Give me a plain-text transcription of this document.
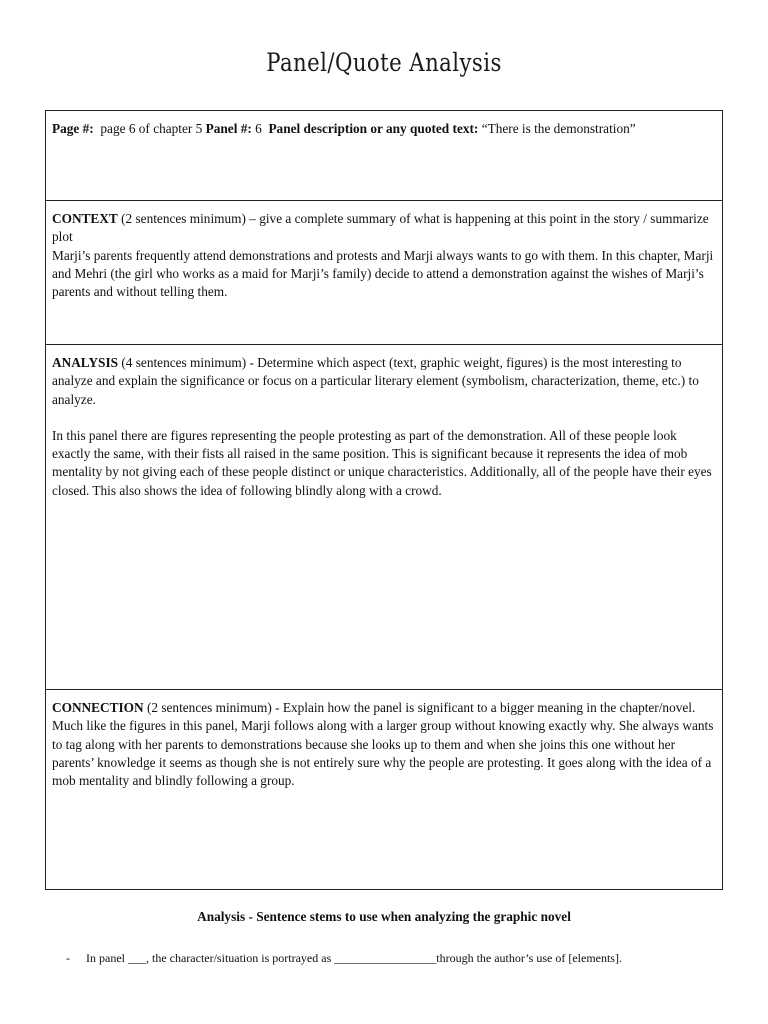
Panel/Quote Analysis
Page #: page 6 of chapter 5 Panel #: 6 Panel description or any quoted text: “There is the demonstration”

CONTEXT (2 sentences minimum) – give a complete summary of what is happening at this point in the story / summarize plot

Marji’s parents frequently attend demonstrations and protests and Marji always wants to go with them. In this chapter, Marji and Mehri (the girl who works as a maid for Marji’s family) decide to attend a demonstration against the wishes of Marji’s parents and without telling them.

ANALYSIS (4 sentences minimum) - Determine which aspect (text, graphic weight, figures) is the most interesting to analyze and explain the significance or focus on a particular literary element (symbolism, characterization, theme, etc.) to analyze.

In this panel there are figures representing the people protesting as part of the demonstration. All of these people look exactly the same, with their fists all raised in the same position. This is significant because it represents the idea of mob mentality by not giving each of these people distinct or unique characteristics. Additionally, all of the people have their eyes closed. This also shows the idea of following blindly along with a crowd.

CONNECTION (2 sentences minimum) - Explain how the panel is significant to a bigger meaning in the chapter/novel.

Much like the figures in this panel, Marji follows along with a larger group without knowing exactly why. She always wants to tag along with her parents to demonstrations because she looks up to them and when she joins this one without her parents’ knowledge it seems as though she is not entirely sure why the people are protesting. It goes along with the idea of a mob mentality and blindly following a group.

Analysis - Sentence stems to use when analyzing the graphic novel
- In panel ___, the character/situation is portrayed as _________________through the author’s use of [elements].
